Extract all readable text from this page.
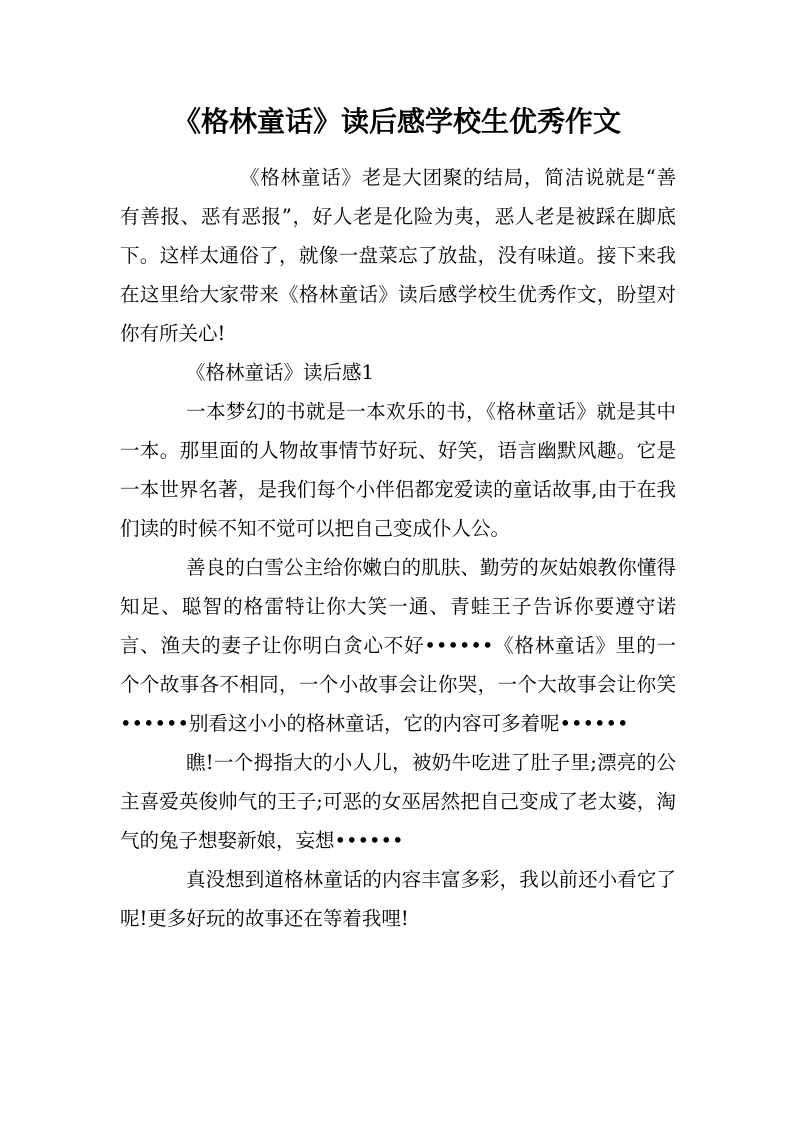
《格林童话》读后感学校生优秀作文

《格林童话》老是大团聚的结局，简洁说就是“善有善报、恶有恶报”，好人老是化险为夷，恶人老是被踩在脚底下。这样太通俗了，就像一盘菜忘了放盐，没有味道。接下来我在这里给大家带来《格林童话》读后感学校生优秀作文，盼望对你有所关心!

《格林童话》读后感1

一本梦幻的书就是一本欢乐的书，《格林童话》就是其中一本。那里面的人物故事情节好玩、好笑，语言幽默风趣。它是一本世界名著，是我们每个小伴侣都宠爱读的童话故事,由于在我们读的时候不知不觉可以把自己变成仆人公。

善良的白雪公主给你嫩白的肌肤、勤劳的灰姑娘教你懂得知足、聪智的格雷特让你大笑一通、青蛙王子告诉你要遵守诺言、渔夫的妻子让你明白贪心不好••••••《格林童话》里的一个个故事各不相同，一个小故事会让你哭，一个大故事会让你笑••••••别看这小小的格林童话，它的内容可多着呢••••••

瞧!一个拇指大的小人儿，被奶牛吃进了肚子里;漂亮的公主喜爱英俊帅气的王子;可恶的女巫居然把自己变成了老太婆，淘气的兔子想娶新娘，妄想••••••

真没想到道格林童话的内容丰富多彩，我以前还小看它了呢!更多好玩的故事还在等着我哩!
